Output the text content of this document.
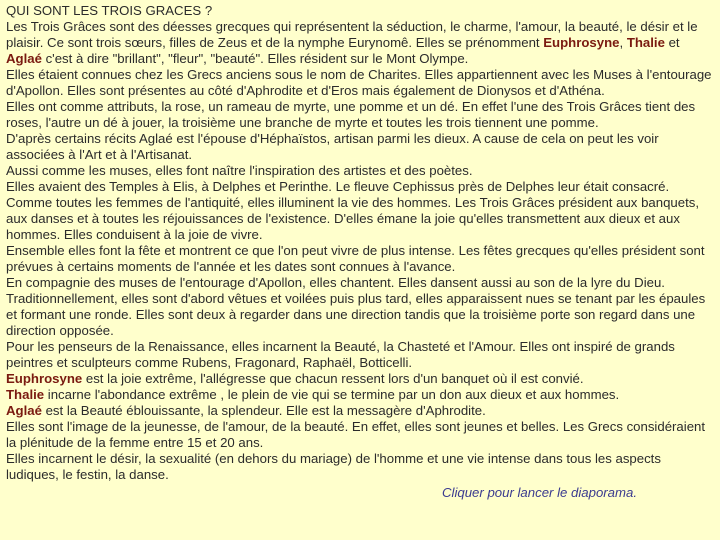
QUI SONT LES TROIS GRACES ?

Les Trois Grâces sont des déesses grecques qui représentent la séduction, le charme, l'amour, la beauté, le désir et le plaisir. Ce sont trois sœurs, filles de Zeus et de la nymphe Eurynomê. Elles se prénomment Euphrosyne, Thalie et Aglaé c'est à dire "brillant", "fleur", "beauté". Elles résident sur le Mont Olympe.

Elles étaient connues chez les Grecs anciens sous le nom de Charites. Elles appartiennent avec les Muses à l'entourage d'Apollon. Elles sont présentes au côté d'Aphrodite et d'Eros mais également de Dionysos et d'Athéna.

Elles ont comme attributs, la rose, un rameau de myrte, une pomme et un dé. En effet l'une des Trois Grâces tient des roses, l'autre un dé à jouer, la troisième une branche de myrte et toutes les trois tiennent une pomme.

D'après certains récits Aglaé est l'épouse d'Héphaïstos, artisan parmi les dieux. A cause de cela on peut les voir associées à l'Art et à l'Artisanat.

Aussi comme les muses, elles font naître l'inspiration des artistes et des poètes.

Elles avaient des Temples à Elis, à Delphes et Perinthe. Le fleuve Cephissus près de Delphes leur était consacré.

Comme toutes les femmes de l'antiquité, elles illuminent la vie des hommes. Les Trois Grâces président aux banquets, aux danses et à toutes les réjouissances de l'existence. D'elles émane la joie qu'elles transmettent aux dieux et aux hommes. Elles conduisent à la joie de vivre.

Ensemble elles font la fête et montrent ce que l'on peut vivre de plus intense. Les fêtes grecques qu'elles président sont prévues à certains moments de l'année et les dates sont connues à l'avance.

En compagnie des muses de l'entourage d'Apollon, elles chantent. Elles dansent aussi au son de la lyre du Dieu. Traditionnellement, elles sont d'abord vêtues et voilées puis plus tard, elles apparaissent nues se tenant par les épaules et formant une ronde. Elles sont deux à regarder dans une direction tandis que la troisième porte son regard dans une direction opposée.

Pour les penseurs de la Renaissance, elles incarnent la Beauté, la Chasteté et l'Amour. Elles ont inspiré de grands peintres et sculpteurs comme Rubens, Fragonard, Raphaël, Botticelli.

Euphrosyne est la joie extrême, l'allégresse que chacun ressent lors d'un banquet où il est convié.

Thalie incarne l'abondance extrême , le plein de vie qui se termine par un don aux dieux et aux hommes.

Aglaé est la Beauté éblouissante, la splendeur. Elle est la messagère d'Aphrodite.

Elles sont l'image de la jeunesse, de l'amour, de la beauté. En effet, elles sont jeunes et belles. Les Grecs considéraient la plénitude de la femme entre 15 et 20 ans.

Elles incarnent le désir, la sexualité (en dehors du mariage) de l'homme et une vie intense dans tous les aspects ludiques, le festin, la danse.

Cliquer pour lancer le diaporama.
